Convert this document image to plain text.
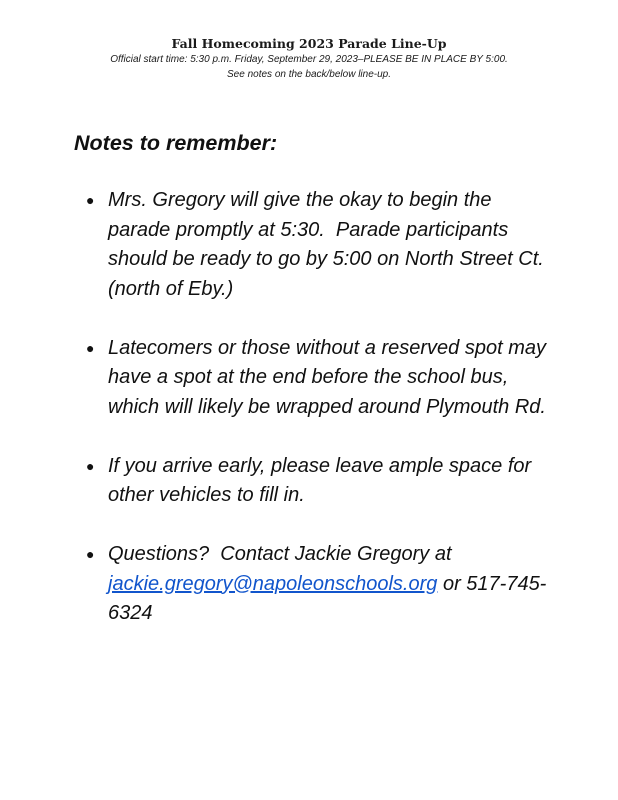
Fall Homecoming 2023 Parade Line-Up

Official start time: 5:30 p.m. Friday, September 29, 2023–PLEASE BE IN PLACE BY 5:00.

See notes on the back/below line-up.

Notes to remember:

● Mrs. Gregory will give the okay to begin the parade promptly at 5:30.  Parade participants should be ready to go by 5:00 on North Street Ct. (north of Eby.)
● Latecomers or those without a reserved spot may have a spot at the end before the school bus, which will likely be wrapped around Plymouth Rd.
● If you arrive early, please leave ample space for other vehicles to fill in.
● Questions?  Contact Jackie Gregory at jackie.gregory@napoleonschools.org or 517-745-6324
